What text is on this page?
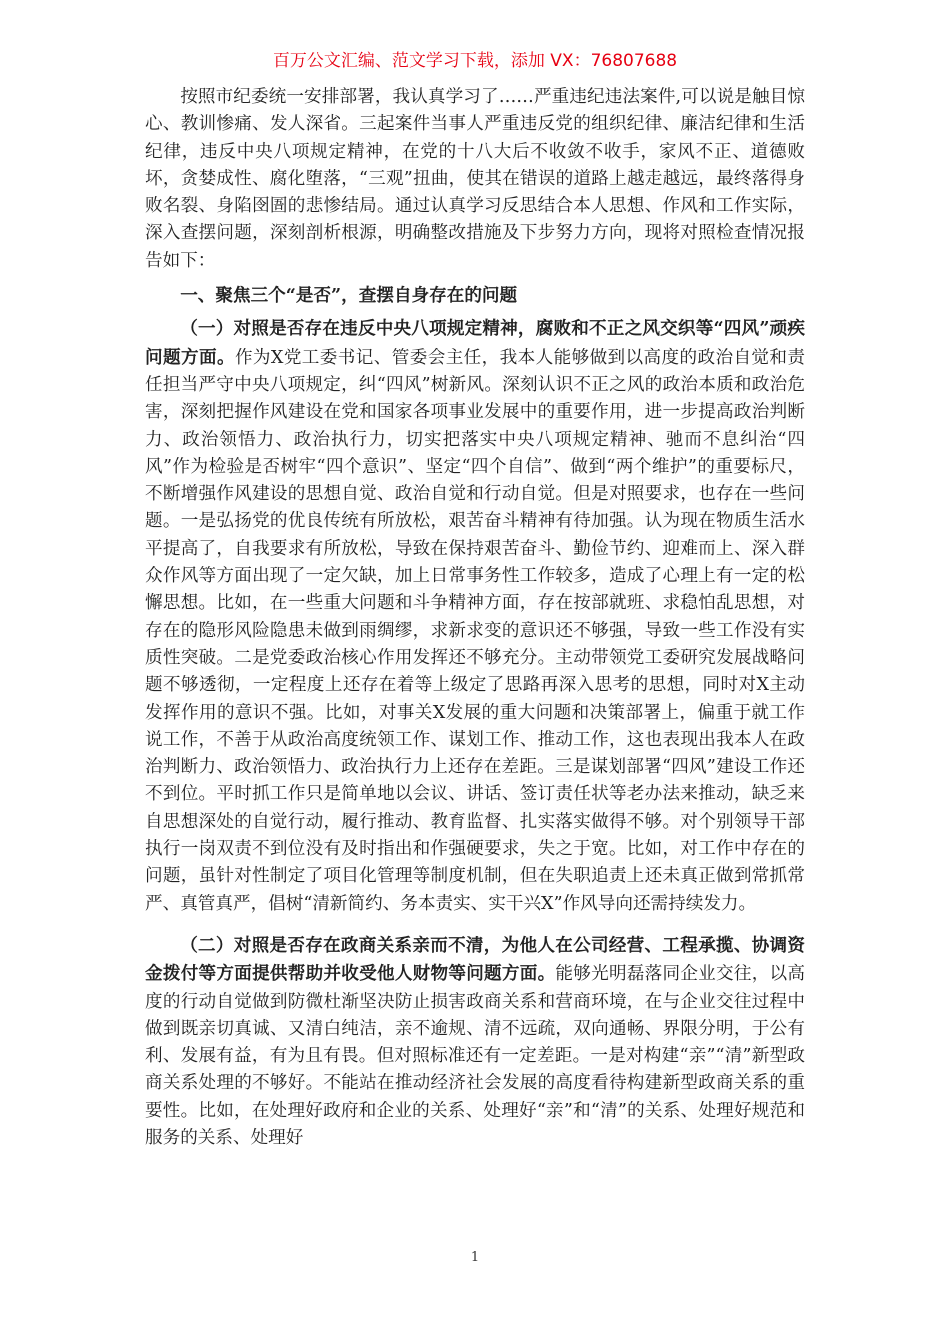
百万公文汇编、范文学习下载，添加 VX：76807688

按照市纪委统一安排部署，我认真学习了……严重违纪违法案件,可以说是触目惊心、教训惨痛、发人深省。三起案件当事人严重违反党的组织纪律、廉洁纪律和生活纪律，违反中央八项规定精神，在党的十八大后不收敛不收手，家风不正、道德败坏，贪婪成性、腐化堕落，“三观”扭曲，使其在错误的道路上越走越远，最终落得身败名裂、身陷囹圄的悲惨结局。通过认真学习反思结合本人思想、作风和工作实际，深入查摆问题，深刻剖析根源，明确整改措施及下步努力方向，现将对照检查情况报告如下：

一、聚焦三个“是否”，查摆自身存在的问题

（一）对照是否存在违反中央八项规定精神，腐败和不正之风交织等“四风”顽疾问题方面。作为X党工委书记、管委会主任，我本人能够做到以高度的政治自觉和责任担当严守中央八项规定，纠“四风”树新风。深刻认识不正之风的政治本质和政治危害，深刻把握作风建设在党和国家各项事业发展中的重要作用，进一步提高政治判断力、政治领悟力、政治执行力，切实把落实中央八项规定精神、驰而不息纠治“四风”作为检验是否树牢“四个意识”、坚定“四个自信”、做到“两个维护”的重要标尺，不断增强作风建设的思想自觉、政治自觉和行动自觉。但是对照要求，也存在一些问题。一是弘扬党的优良传统有所放松，艰苦奋斗精神有待加强。认为现在物质生活水平提高了，自我要求有所放松，导致在保持艰苦奋斗、勤俭节约、迎难而上、深入群众作风等方面出现了一定欠缺，加上日常事务性工作较多，造成了心理上有一定的松懈思想。比如，在一些重大问题和斗争精神方面，存在按部就班、求稳怕乱思想，对存在的隐形风险隐患未做到雨绸缪，求新求变的意识还不够强，导致一些工作没有实质性突破。二是党委政治核心作用发挥还不够充分。主动带领党工委研究发展战略问题不够透彻，一定程度上还存在着等上级定了思路再深入思考的思想，同时对X主动发挥作用的意识不强。比如，对事关X发展的重大问题和决策部署上，偏重于就工作说工作，不善于从政治高度统领工作、谋划工作、推动工作，这也表现出我本人在政治判断力、政治领悟力、政治执行力上还存在差距。三是谋划部署“四风”建设工作还不到位。平时抓工作只是简单地以会议、讲话、签订责任状等老办法来推动，缺乏来自思想深处的自觉行动，履行推动、教育监督、扎实落实做得不够。对个别领导干部执行一岗双责不到位没有及时指出和作强硬要求，失之于宽。比如，对工作中存在的问题，虽针对性制定了项目化管理等制度机制，但在失职追责上还未真正做到常抓常严、真管真严，倡树“清新简约、务本责实、实干兴X”作风导向还需持续发力。

（二）对照是否存在政商关系亲而不清，为他人在公司经营、工程承揽、协调资金拨付等方面提供帮助并收受他人财物等问题方面。能够光明磊落同企业交往，以高度的行动自觉做到防微杜渐坚决防止损害政商关系和营商环境，在与企业交往过程中做到既亲切真诚、又清白纯洁，亲不逾规、清不远疏，双向通畅、界限分明，于公有利、发展有益，有为且有畏。但对照标准还有一定差距。一是对构建“亲”“清”新型政商关系处理的不够好。不能站在推动经济社会发展的高度看待构建新型政商关系的重要性。比如，在处理好政府和企业的关系、处理好“亲”和“清”的关系、处理好规范和服务的关系、处理好

1
